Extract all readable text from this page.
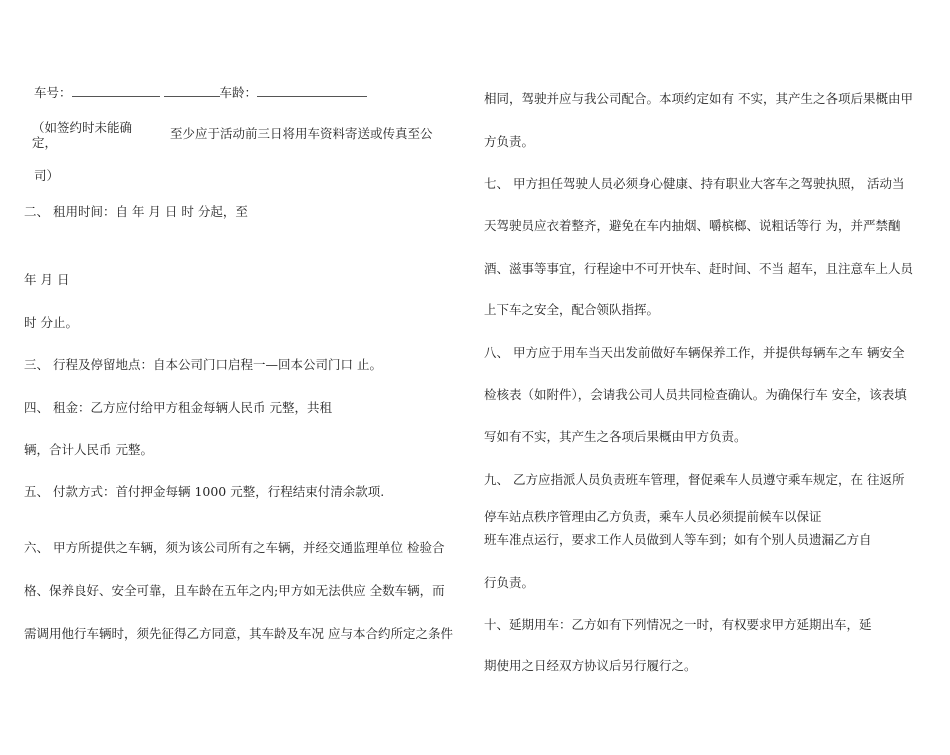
车号：	车龄：
（如签约时未能确
定，
至少应于活动前三日将用车资料寄送或传真至公
司）
二、 租用时间：自 年 月 日 时 分起，至
年 月 日
时 分止。
三、 行程及停留地点：自本公司门口启程一—回本公司门口 止。
四、 租金：乙方应付给甲方租金每辆人民币 元整，共租
辆，合计人民币 元整。
五、 付款方式：首付押金每辆 1000 元整，行程结束付清余款项.
六、 甲方所提供之车辆，须为该公司所有之车辆，并经交通监理单位 检验合
格、保养良好、安全可靠，且车龄在五年之内;甲方如无法供应 全数车辆，而
需调用他行车辆时，须先征得乙方同意，其车龄及车况 应与本合约所定之条件
相同，驾驶并应与我公司配合。本项约定如有 不实，其产生之各项后果概由甲
方负责。
七、 甲方担任驾驶人员必须身心健康、持有职业大客车之驾驶执照， 活动当
天驾驶员应衣着整齐，避免在车内抽烟、嚼槟榔、说粗话等行 为，并严禁酗
酒、滋事等事宜，行程途中不可开快车、赶时间、不当 超车，且注意车上人员
上下车之安全，配合领队指挥。
八、 甲方应于用车当天出发前做好车辆保养工作，并提供每辆车之车 辆安全
检核表（如附件），会请我公司人员共同检查确认。为确保行车 安全，该表填
写如有不实，其产生之各项后果概由甲方负责。
九、 乙方应指派人员负责班车管理，督促乘车人员遵守乘车规定，在 往返所
停车站点秩序管理由乙方负责，乘车人员必须提前候车以保证
班车准点运行，要求工作人员做到人等车到；如有个别人员遗漏乙方自
行负责。
十、延期用车：乙方如有下列情况之一时，有权要求甲方延期出车，延
期使用之日经双方协议后另行履行之。
